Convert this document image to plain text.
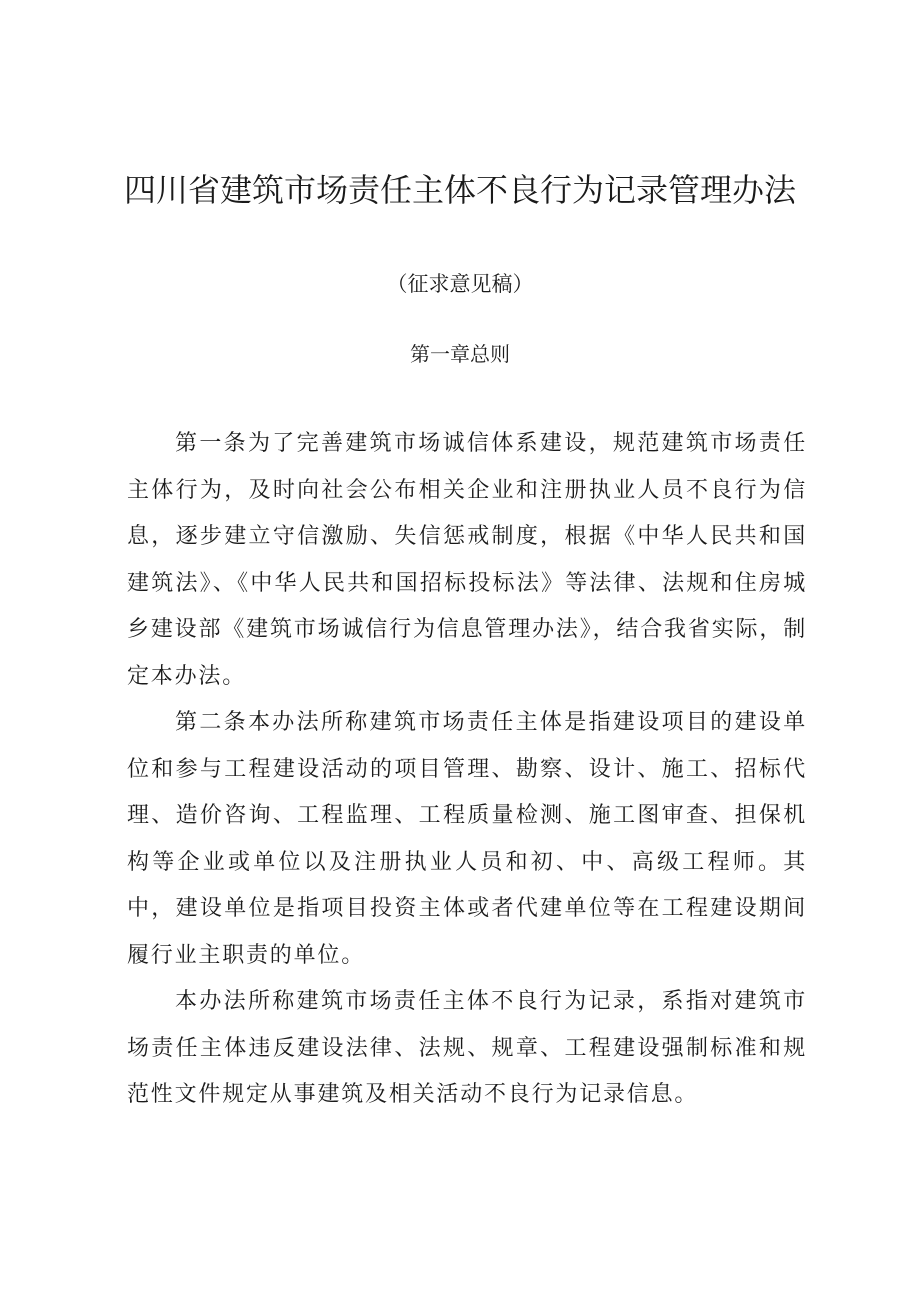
四川省建筑市场责任主体不良行为记录管理办法
（征求意见稿）
第一章总则

第一条为了完善建筑市场诚信体系建设，规范建筑市场责任主体行为，及时向社会公布相关企业和注册执业人员不良行为信息，逐步建立守信激励、失信惩戒制度，根据《中华人民共和国建筑法》、《中华人民共和国招标投标法》等法律、法规和住房城乡建设部《建筑市场诚信行为信息管理办法》，结合我省实际，制定本办法。

第二条本办法所称建筑市场责任主体是指建设项目的建设单位和参与工程建设活动的项目管理、勘察、设计、施工、招标代理、造价咨询、工程监理、工程质量检测、施工图审查、担保机构等企业或单位以及注册执业人员和初、中、高级工程师。其中，建设单位是指项目投资主体或者代建单位等在工程建设期间履行业主职责的单位。

本办法所称建筑市场责任主体不良行为记录，系指对建筑市场责任主体违反建设法律、法规、规章、工程建设强制标准和规范性文件规定从事建筑及相关活动不良行为记录信息。
